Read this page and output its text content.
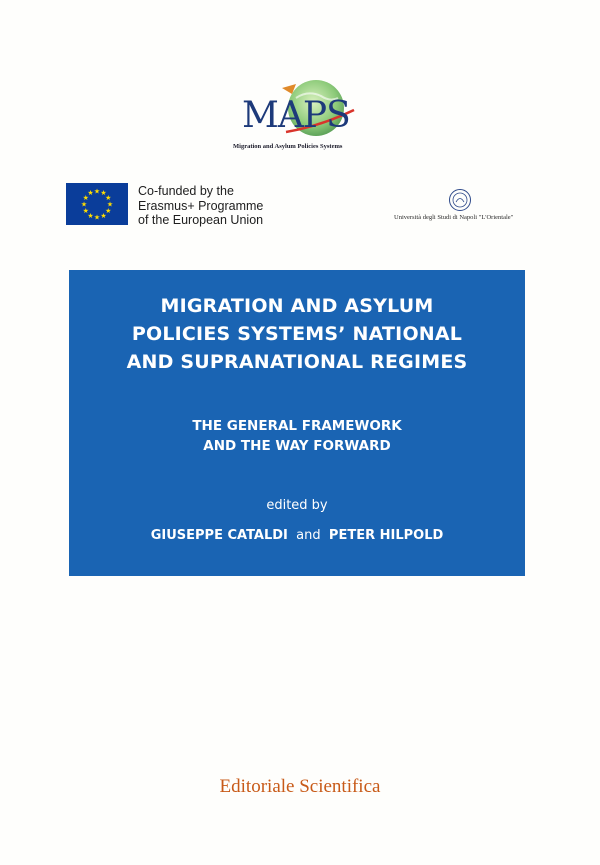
MAPS
Migration and Asylum Policies Systems
★
★
★
★
★
★
★
★
★ ★ ★
★
Co-funded by the
Erasmus+ Programme
of the European Union	Università degli Studi di Napoli "L'Orientale"
MIGRATION AND ASYLUM
POLICIES SYSTEMS’ NATIONAL
AND SUPRANATIONAL REGIMES
THE GENERAL FRAMEWORK
AND THE WAY FORWARD
edited by
GIUSEPPE CATALDI  and  PETER HILPOLD
Editoriale Scientifica
